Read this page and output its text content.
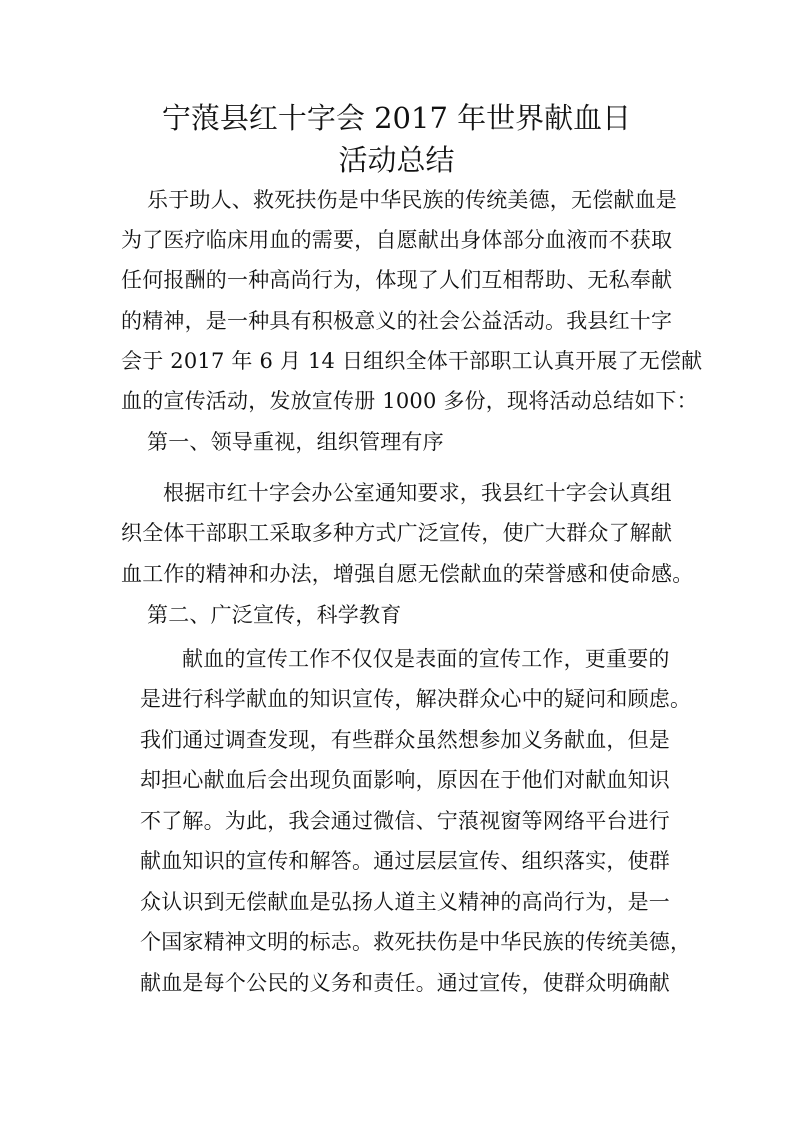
宁蒗县红十字会 2017 年世界献血日
活动总结
乐于助人、救死扶伤是中华民族的传统美德，无偿献血是
为了医疗临床用血的需要，自愿献出身体部分血液而不获取
任何报酬的一种高尚行为，体现了人们互相帮助、无私奉献
的精神，是一种具有积极意义的社会公益活动。我县红十字
会于 2017 年 6 月 14 日组织全体干部职工认真开展了无偿献
血的宣传活动，发放宣传册 1000 多份，现将活动总结如下：
第一、领导重视，组织管理有序
根据市红十字会办公室通知要求，我县红十字会认真组
织全体干部职工采取多种方式广泛宣传，使广大群众了解献
血工作的精神和办法，增强自愿无偿献血的荣誉感和使命感。
第二、广泛宣传，科学教育
献血的宣传工作不仅仅是表面的宣传工作，更重要的
是进行科学献血的知识宣传，解决群众心中的疑问和顾虑。
我们通过调查发现，有些群众虽然想参加义务献血，但是
却担心献血后会出现负面影响，原因在于他们对献血知识
不了解。为此，我会通过微信、宁蒗视窗等网络平台进行
献血知识的宣传和解答。通过层层宣传、组织落实，使群
众认识到无偿献血是弘扬人道主义精神的高尚行为，是一
个国家精神文明的标志。救死扶伤是中华民族的传统美德，
献血是每个公民的义务和责任。通过宣传，使群众明确献
